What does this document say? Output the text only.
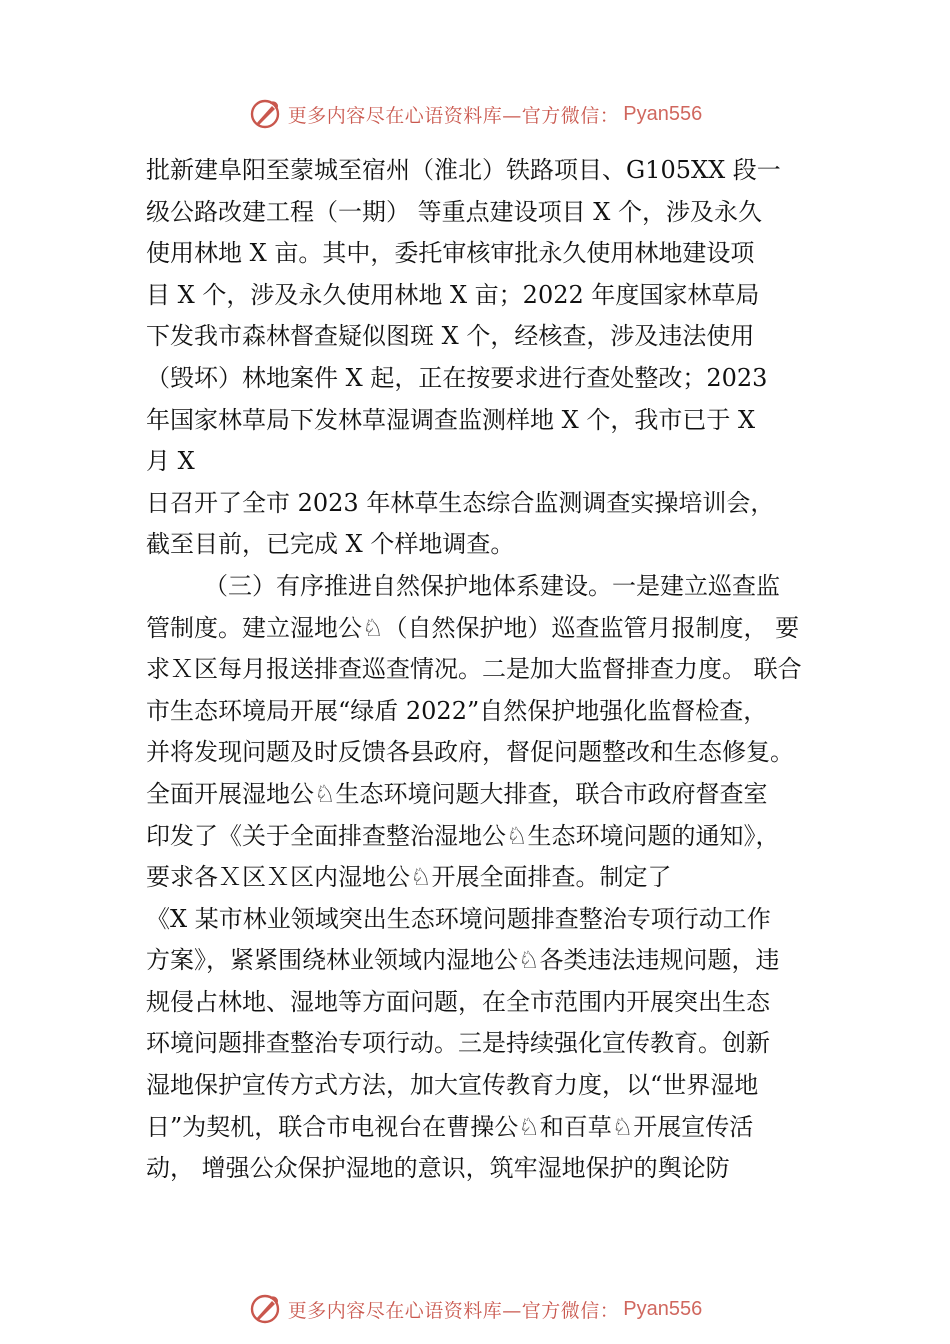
更多内容尽在心语资料库—官方微信： Pyan556
批新建阜阳至蒙城至宿州（淮北）铁路项目、G105XX 段一
级公路改建工程（一期） 等重点建设项目 X 个，涉及永久
使用林地 X 亩。其中，委托审核审批永久使用林地建设项
目 X 个，涉及永久使用林地 X 亩；2022 年度国家林草局
下发我市森林督查疑似图斑 X 个，经核查，涉及违法使用
（毁坏）林地案件 X 起，正在按要求进行查处整改；2023
年国家林草局下发林草湿调查监测样地 X 个，我市已于 X
月 X
日召开了全市 2023 年林草生态综合监测调查实操培训会，
截至目前，已完成 X 个样地调查。
（三）有序推进自然保护地体系建设。一是建立巡查监
管制度。建立湿地公♘（自然保护地）巡查监管月报制度， 要
求Ｘ区每月报送排查巡查情况。二是加大监督排查力度。 联合
市生态环境局开展“绿盾 2022”自然保护地强化监督检查，
并将发现问题及时反馈各县政府，督促问题整改和生态修复。
全面开展湿地公♘生态环境问题大排查，联合市政府督查室
印发了《关于全面排查整治湿地公♘生态环境问题的通知》，
要求各Ｘ区Ｘ区内湿地公♘开展全面排查。制定了
《X 某市林业领域突出生态环境问题排查整治专项行动工作
方案》，紧紧围绕林业领域内湿地公♘各类违法违规问题，违
规侵占林地、湿地等方面问题，在全市范围内开展突出生态
环境问题排查整治专项行动。三是持续强化宣传教育。创新
湿地保护宣传方式方法，加大宣传教育力度，以“世界湿地
日”为契机，联合市电视台在曹操公♘和百草♘开展宣传活
动， 增强公众保护湿地的意识，筑牢湿地保护的舆论防
更多内容尽在心语资料库—官方微信： Pyan556
